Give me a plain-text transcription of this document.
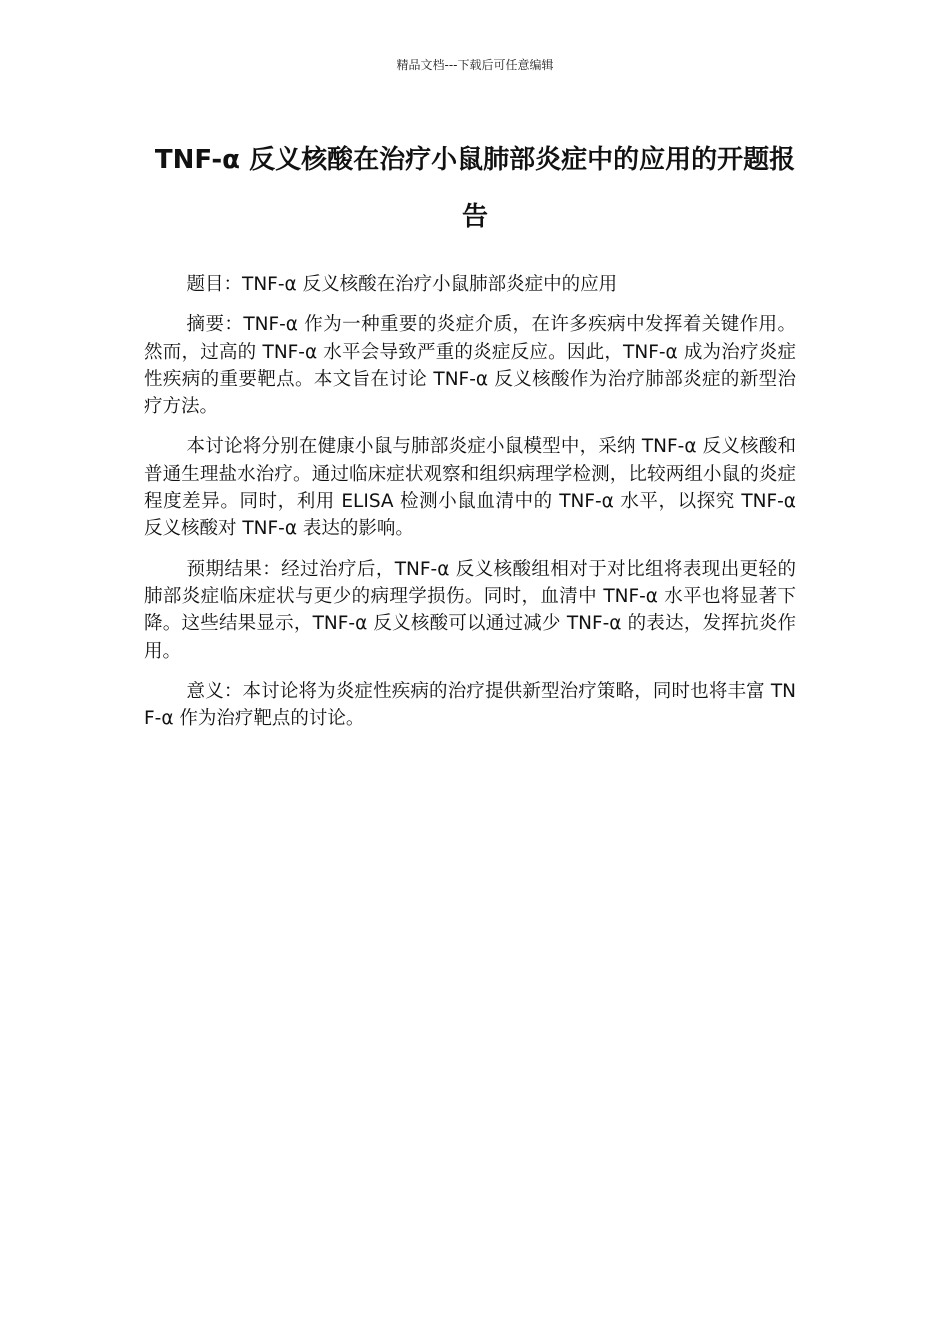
精品文档---下载后可任意编辑
TNF-α 反义核酸在治疗小鼠肺部炎症中的应用的开题报告

题目：TNF-α 反义核酸在治疗小鼠肺部炎症中的应用

摘要：TNF-α 作为一种重要的炎症介质，在许多疾病中发挥着关键作用。然而，过高的 TNF-α 水平会导致严重的炎症反应。因此，TNF-α 成为治疗炎症性疾病的重要靶点。本文旨在讨论 TNF-α 反义核酸作为治疗肺部炎症的新型治疗方法。

本讨论将分别在健康小鼠与肺部炎症小鼠模型中，采纳 TNF-α 反义核酸和普通生理盐水治疗。通过临床症状观察和组织病理学检测，比较两组小鼠的炎症程度差异。同时，利用 ELISA 检测小鼠血清中的 TNF-α 水平，以探究 TNF-α 反义核酸对 TNF-α 表达的影响。

预期结果：经过治疗后，TNF-α 反义核酸组相对于对比组将表现出更轻的肺部炎症临床症状与更少的病理学损伤。同时，血清中 TNF-α 水平也将显著下降。这些结果显示，TNF-α 反义核酸可以通过减少 TNF-α 的表达，发挥抗炎作用。

意义：本讨论将为炎症性疾病的治疗提供新型治疗策略，同时也将丰富 TNF-α 作为治疗靶点的讨论。
